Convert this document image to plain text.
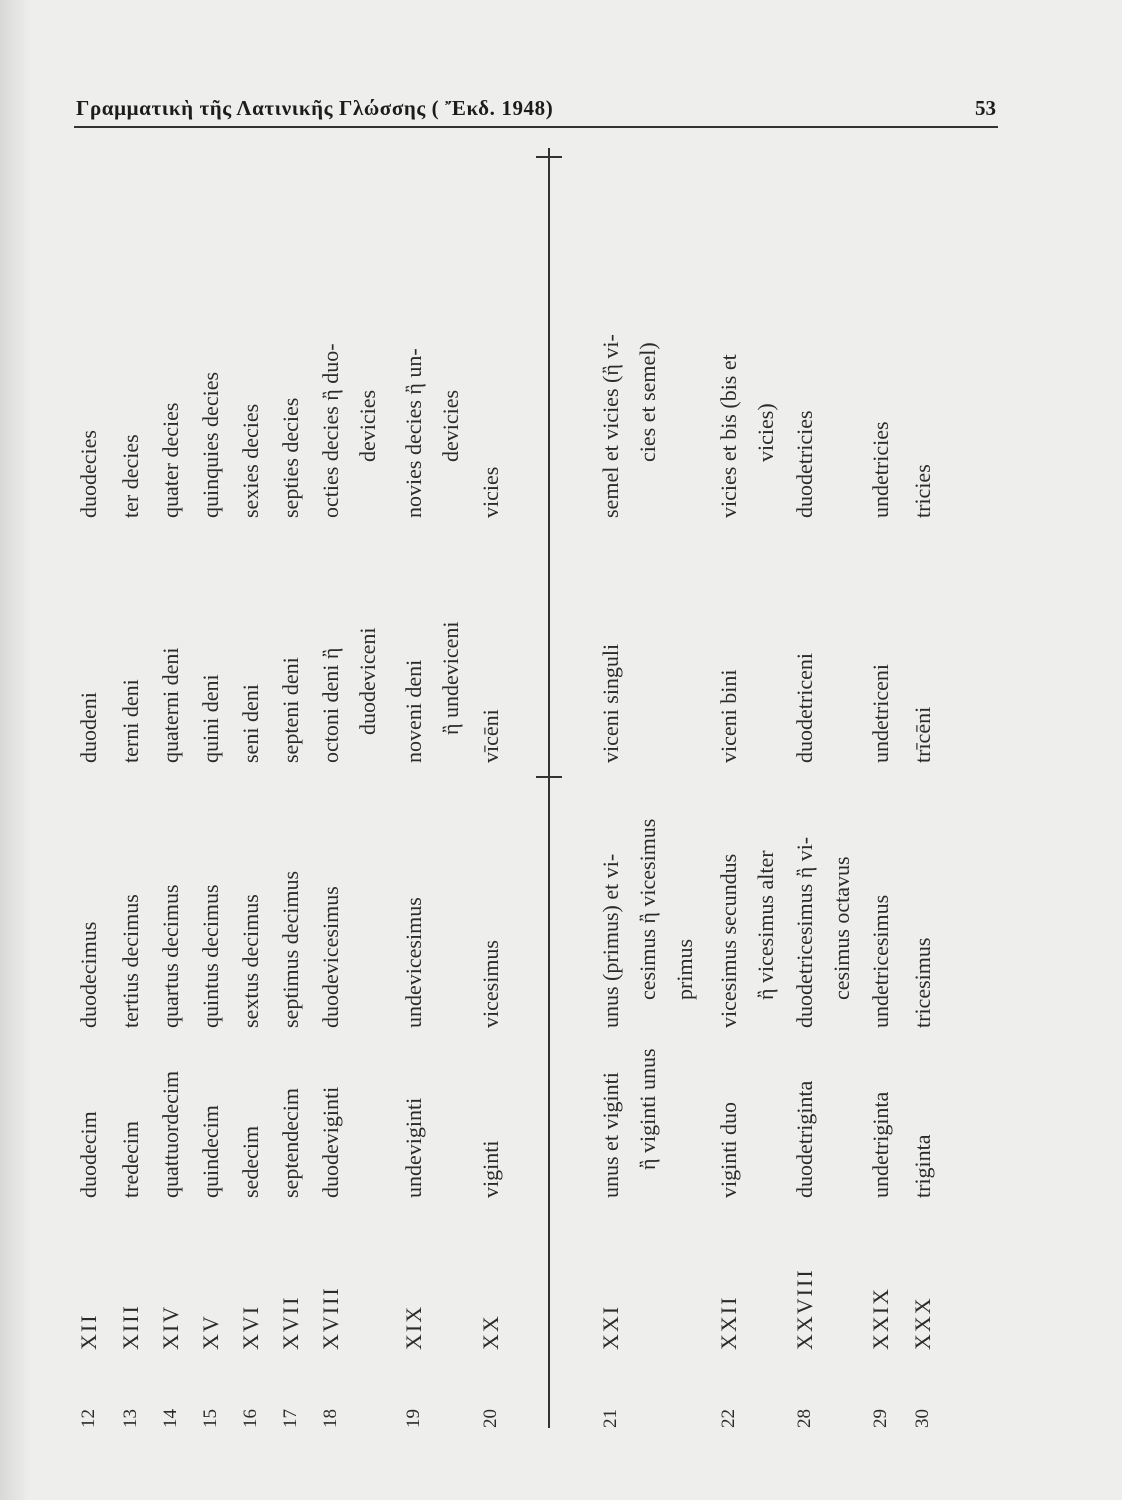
Γραμματικὴ τῆς Λατινικῆς Γλώσσης ( Ἔκδ. 1948)	53
12
XII
duodecim
duodecimus
duodeni
duodecies
13
XIII
tredecim
tertius decimus
terni deni
ter decies
14
XIV
quattuordecim
quartus decimus
quaterni deni
quater decies
15
XV
quindecim
quintus decimus
quini deni
quinquies decies
16
XVI
sedecim
sextus decimus
seni deni
sexies decies
17
XVII
septendecim
septimus decimus
septeni deni
septies decies
18
XVIII
duodeviginti
duodevicesimus
octoni deni ἢ duodeviceni
octies decies ἢ duo- devicies
19
XIX
undeviginti
undevicesimus
noveni deni ἢ undeviceni
novies decies ἢ un- devicies
20
XX
viginti
vicesimus
vīcēni
vicies
21
XXI
unus et viginti ἢ viginti unus
unus (primus) et vi- cesimus ἢ vicesimus primus
viceni singuli
semel et vicies (ἢ vi- cies et semel)
22
XXII
viginti duo
vicesimus secundus ἢ vicesimus alter
viceni bini
vicies et bis (bis et vicies)
28
XXVIII
duodetriginta
duodetricesimus ἢ vi- cesimus octavus
duodetriceni
duodetricies
29
XXIX
undetriginta
undetricesimus
undetriceni
undetricies
30
XXX
triginta
tricesimus
trīcēni
tricies
